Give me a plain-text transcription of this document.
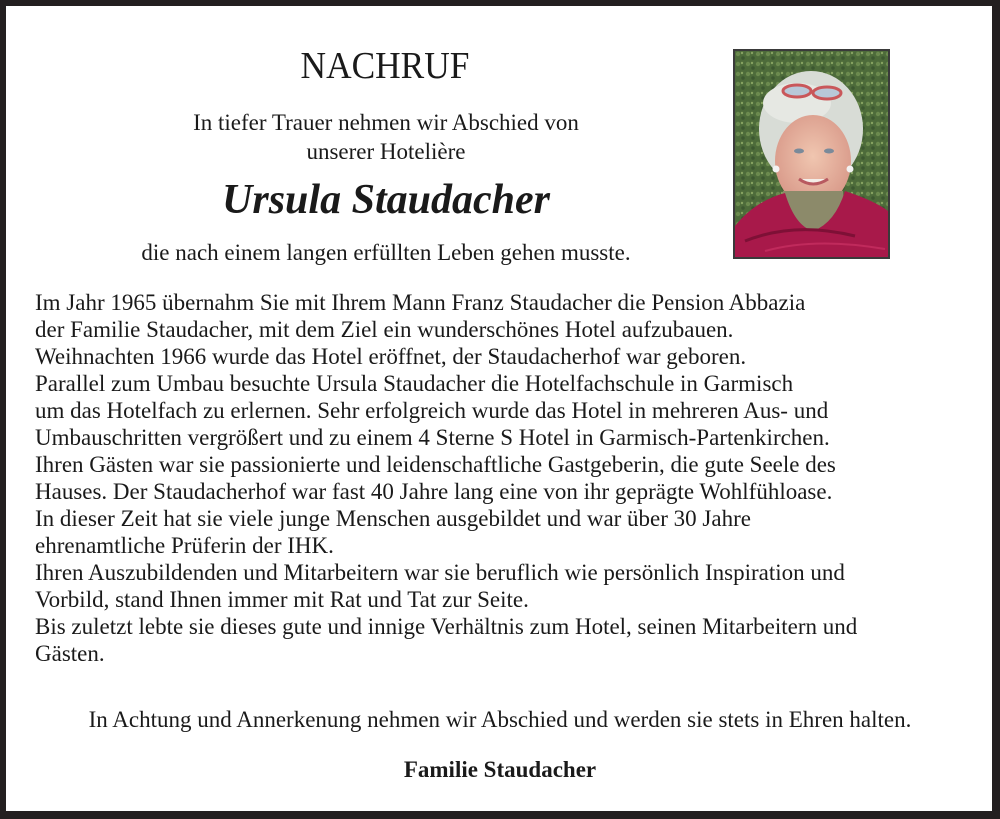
NACHRUF
In tiefer Trauer nehmen wir Abschied von
unserer Hoteliѐre
Ursula Staudacher
die nach einem langen erfüllten Leben gehen musste.
Im Jahr 1965 übernahm Sie mit Ihrem Mann Franz Staudacher die Pension Abbazia
der Familie Staudacher, mit dem Ziel ein wunderschönes Hotel aufzubauen.
Weihnachten 1966 wurde das Hotel eröffnet, der Staudacherhof war geboren.
Parallel zum Umbau besuchte Ursula Staudacher die Hotelfachschule in Garmisch
um das Hotelfach zu erlernen. Sehr erfolgreich wurde das Hotel in mehreren Aus- und
Umbauschritten vergrößert und zu einem 4 Sterne S Hotel in Garmisch-Partenkirchen.
Ihren Gästen war sie passionierte und leidenschaftliche Gastgeberin, die gute Seele des
Hauses. Der Staudacherhof war fast 40 Jahre lang eine von ihr geprägte Wohlfühloase.
In dieser Zeit hat sie viele junge Menschen ausgebildet und war über 30 Jahre
ehrenamtliche Prüferin der IHK.
Ihren Auszubildenden und Mitarbeitern war sie beruflich wie persönlich Inspiration und
Vorbild, stand Ihnen immer mit Rat und Tat zur Seite.
Bis zuletzt lebte sie dieses gute und innige Verhältnis zum Hotel, seinen Mitarbeitern und
Gästen.
In Achtung und Annerkenung nehmen wir Abschied und werden sie stets in Ehren halten.
Familie Staudacher
